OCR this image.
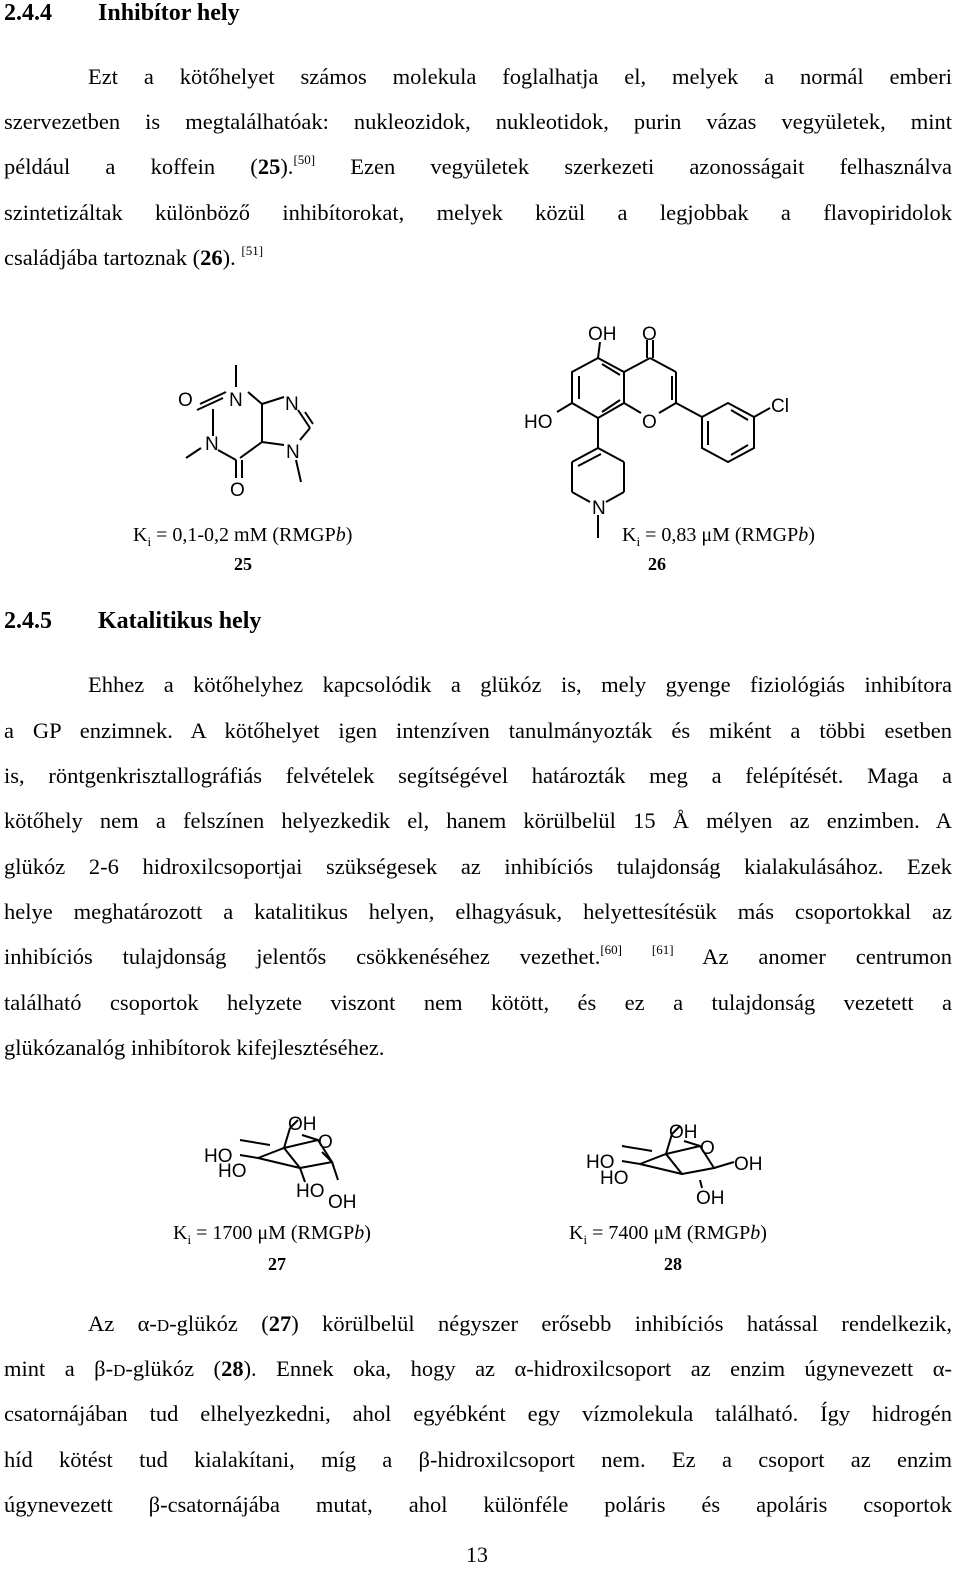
2.4.4 Inhibítor hely
Ezt a kötőhelyet számos molekula foglalhatja el, melyek a normál emberi
szervezetben is megtalálhatóak: nukleozidok, nukleotidok, purin vázas vegyületek, mint
például a koffein (25).[50] Ezen vegyületek szerkezeti azonosságait felhasználva
szintetizáltak különböző inhibítorokat, melyek közül a legjobbak a flavopiridolok
családjába tartoznak (26). [51]
O N N
N	N
O
OH O
HO	O
Cl
N
$K_i = 0,1-0,2$ mM (RMGPb)
25
$K_i = 0,83$ μM (RMGPb)
26
2.4.5 Katalitikus hely
Ehhez a kötőhelyhez kapcsolódik a glükóz is, mely gyenge fiziológiás inhibítora
a GP enzimnek. A kötőhelyet igen intenzíven tanulmányozták és miként a többi esetben
is, röntgenkrisztallográfiás felvételek segítségével határozták meg a felépítését. Maga a
kötőhely nem a felszínen helyezkedik el, hanem körülbelül 15 Å mélyen az enzimben. A
glükóz 2-6 hidroxilcsoportjai szükségesek az inhibíciós tulajdonság kialakulásához. Ezek
helye meghatározott a katalitikus helyen, elhagyásuk, helyettesítésük más csoportokkal az
inhibíciós tulajdonság jelentős csökkenéséhez vezethet.[60] [61] Az anomer centrumon
található csoportok helyzete viszont nem kötött, és ez a tulajdonság vezetett a
glükózanalóg inhibítorok kifejlesztéséhez.
OH
O
HO
HO
HO
OH
OH
O
OH
HO
HO
OH
$K_i = 1700$ μM (RMGPb)
27
$K_i = 7400$ μM (RMGPb)
28
Az α-D-glükóz (27) körülbelül négyszer erősebb inhibíciós hatással rendelkezik,
mint a β-D-glükóz (28). Ennek oka, hogy az α-hidroxilcsoport az enzim úgynevezett α-
csatornájában tud elhelyezkedni, ahol egyébként egy vízmolekula található. Így hidrogén
híd kötést tud kialakítani, míg a β-hidroxilcsoport nem. Ez a csoport az enzim
úgynevezett β-csatornájába mutat, ahol különféle poláris és apoláris csoportok
13
